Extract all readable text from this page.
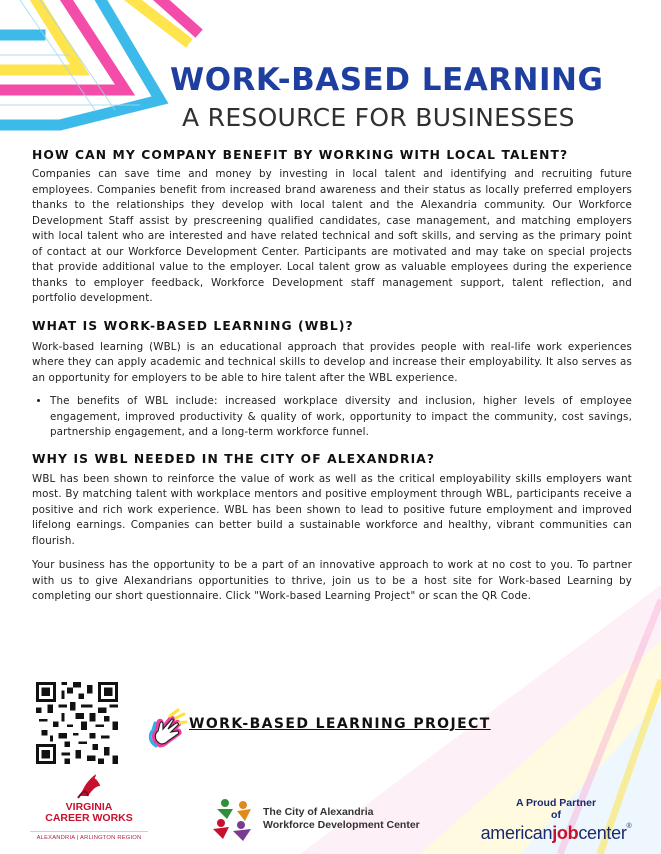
WORK-BASED LEARNING
A RESOURCE FOR BUSINESSES
HOW CAN MY COMPANY BENEFIT BY WORKING WITH LOCAL TALENT?

Companies can save time and money by investing in local talent and identifying and recruiting future employees. Companies benefit from increased brand awareness and their status as locally preferred employers thanks to the relationships they develop with local talent and the Alexandria community. Our Workforce Development Staff assist by prescreening qualified candidates, case management, and matching employers with local talent who are interested and have related technical and soft skills, and serving as the primary point of contact at our Workforce Development Center. Participants are motivated and may take on special projects that provide additional value to the employer. Local talent grow as valuable employees during the experience thanks to employer feedback, Workforce Development staff management support, talent reflection, and portfolio development.

WHAT IS WORK-BASED LEARNING (WBL)?

Work-based learning (WBL) is an educational approach that provides people with real-life work experiences where they can apply academic and technical skills to develop and increase their employability. It also serves as an opportunity for employers to be able to hire talent after the WBL experience.

• The benefits of WBL include: increased workplace diversity and inclusion, higher levels of employee engagement, improved productivity & quality of work, opportunity to impact the community, cost savings, partnership engagement, and a long-term workforce funnel.
WHY IS WBL NEEDED IN THE CITY OF ALEXANDRIA?

WBL has been shown to reinforce the value of work as well as the critical employability skills employers want most. By matching talent with workplace mentors and positive employment through WBL, participants receive a positive and rich work experience. WBL has been shown to lead to positive future employment and improved lifelong earnings. Companies can better build a sustainable workforce and healthy, vibrant communities can flourish.

Your business has the opportunity to be a part of an innovative approach to work at no cost to you. To partner with us to give Alexandrians opportunities to thrive, join us to be a host site for Work-based Learning by completing our short questionnaire. Click "Work-based Learning Project" or scan the QR Code.

WORK-BASED LEARNING PROJECT
VIRGINIA
CAREER WORKS
ALEXANDRIA | ARLINGTON REGION
The City of Alexandria
Workforce Development Center
A Proud Partner
of
americanjobcenter®
